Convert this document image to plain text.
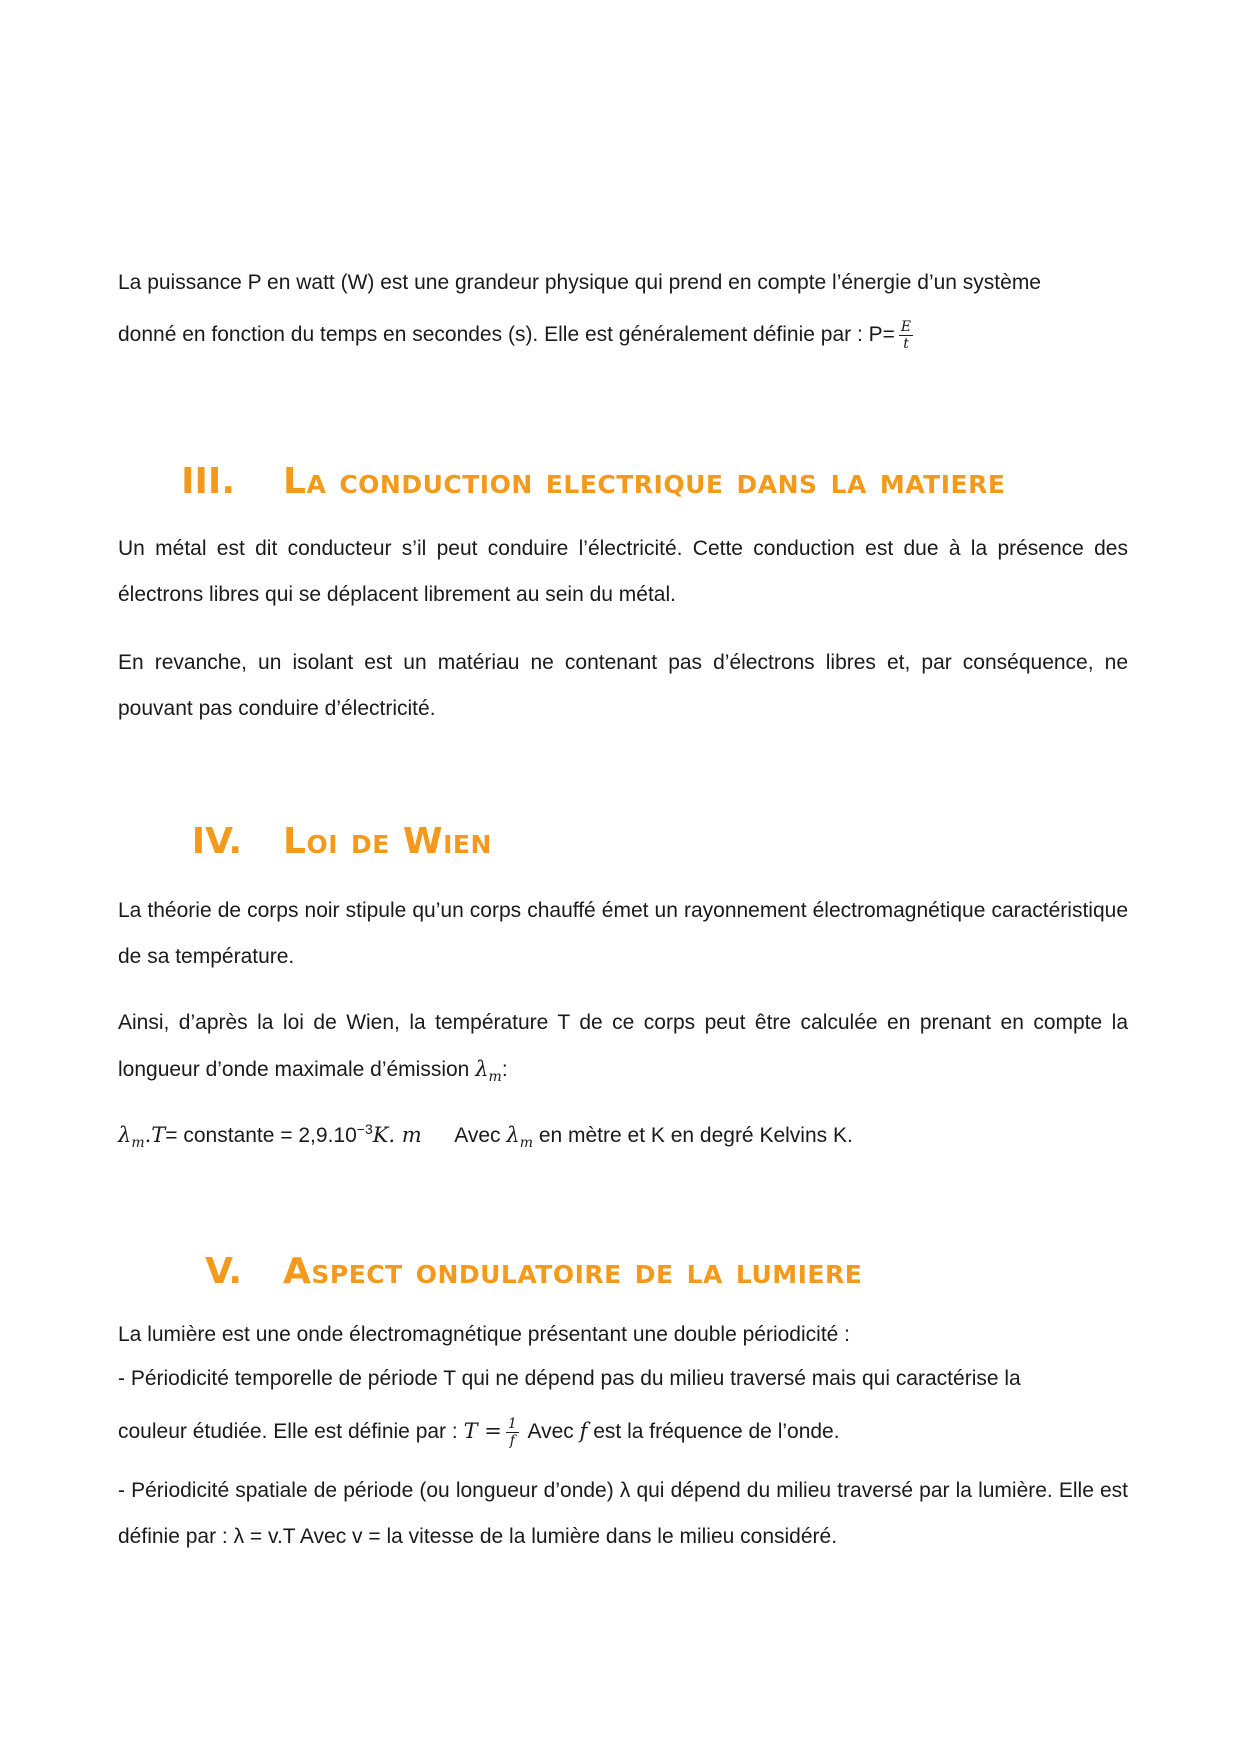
La puissance P en watt (W) est une grandeur physique qui prend en compte l’énergie d’un système
donné en fonction du temps en secondes (s). Elle est généralement définie par : $P= \frac{E}{t}$
III. La conduction electrique dans la matiere

Un métal est dit conducteur s’il peut conduire l’électricité. Cette conduction est due à la présence des électrons libres qui se déplacent librement au sein du métal.

En revanche, un isolant est un matériau ne contenant pas d’électrons libres et, par conséquence, ne pouvant pas conduire d’électricité.

IV. Loi de Wien

La théorie de corps noir stipule qu’un corps chauffé émet un rayonnement électromagnétique caractéristique de sa température.

Ainsi, d’après la loi de Wien, la température T de ce corps peut être calculée en prenant en compte la longueur d’onde maximale d’émission $\lambda_m$:

$\lambda_m.T=$ constante = $2,9.10^{-3}K$. m Avec $\lambda_m$ en mètre et K en degré Kelvins K.
V. Aspect ondulatoire de la lumiere
La lumière est une onde électromagnétique présentant une double périodicité :
- Périodicité temporelle de période T qui ne dépend pas du milieu traversé mais qui caractérise la
couleur étudiée. Elle est définie par : $T = \frac{1}{f}$ Avec f est la fréquence de l’onde.

- Périodicité spatiale de période (ou longueur d’onde) λ qui dépend du milieu traversé par la lumière. Elle est définie par : λ = v.T Avec v = la vitesse de la lumière dans le milieu considéré.
